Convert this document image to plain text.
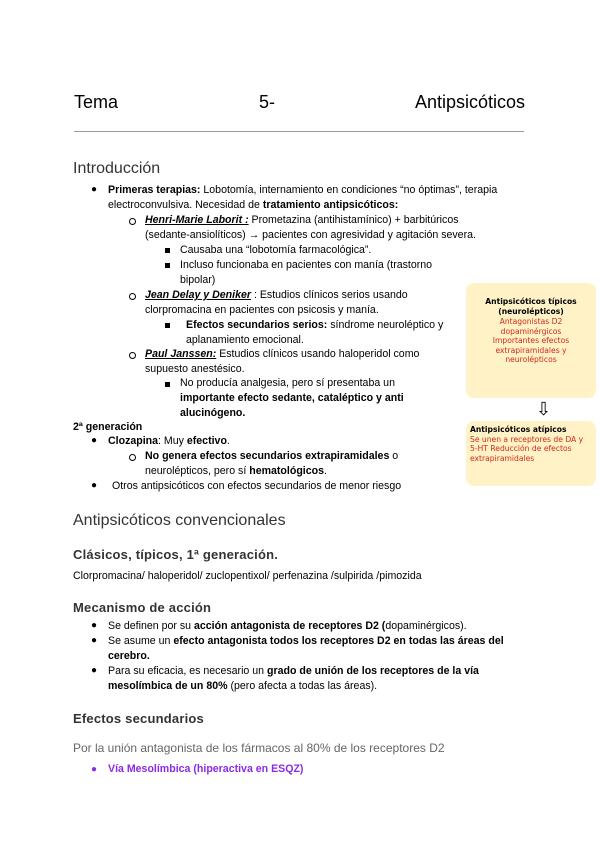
Tema	5-	Antipsicóticos
Introducción
● Primeras terapias: Lobotomía, internamiento en condiciones “no óptimas”, terapia
electroconvulsiva. Necesidad de tratamiento antipsicóticos:
Henri-Marie Laborit : Prometazina (antihistamínico) + barbitúricos
(sedante-ansiolíticos) → pacientes con agresividad y agitación severa.
Causaba una “lobotomía farmacológica”.
Incluso funcionaba en pacientes con manía (trastorno
bipolar)
Jean Delay y Deniker : Estudios clínicos serios usando
clorpromacina en pacientes con psicosis y manía.
Efectos secundarios serios: síndrome neuroléptico y
aplanamiento emocional.
Paul Janssen: Estudios clínicos usando haloperidol como
supuesto anestésico.
No producía analgesia, pero sí presentaba un
importante efecto sedante, cataléptico y anti
alucinógeno.
2ª generación
● Clozapina: Muy efectivo.
No genera efectos secundarios extrapiramidales o
neurolépticos, pero sí hematológicos.
● Otros antipsicóticos con efectos secundarios de menor riesgo
Antipsicóticos típicos (neurolépticos)
Antagonistas D2 dopaminérgicos Importantes efectos extrapiramidales y neurolépticos
⇩
Antipsicóticos atípicos
Se unen a receptores de DA y 5-HT Reducción de efectos extrapiramidales
Antipsicóticos convencionales
Clásicos, típicos, 1ª generación.
Clorpromacina/ haloperidol/ zuclopentixol/ perfenazina /sulpirida /pimozida
Mecanismo de acción
● Se definen por su acción antagonista de receptores D2 (dopaminérgicos).
● Se asume un efecto antagonista todos los receptores D2 en todas las áreas del
cerebro.
● Para su eficacia, es necesario un grado de unión de los receptores de la vía
mesolímbica de un 80% (pero afecta a todas las áreas).
Efectos secundarios
Por la unión antagonista de los fármacos al 80% de los receptores D2
● Vía Mesolímbica (hiperactiva en ESQZ)
